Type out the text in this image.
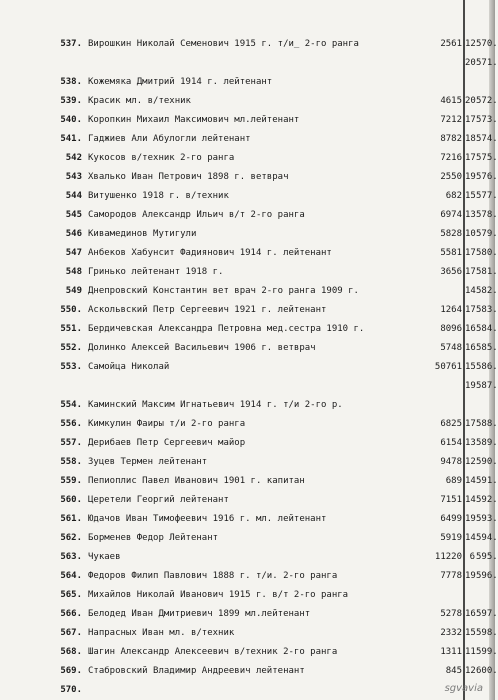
537. Вирошкин Николай Семенович 1915 г. т/и_ 2-го ранга	2561 12 570.
20 571.
538. Кожемяка Дмитрий 1914 г. лейтенант
539. Красик мл. в/техник	4615 20 572.
540. Коропкин Михаил Максимович мл.лейтенант	7212 17 573.
541. Гаджиев Али Абулогли лейтенант	8782 18 574.
542 Кукосов в/техник 2-го ранга	7216 17 575.
543 Хвалько Иван Петрович 1898 г. ветврач	2550 19 576.
544 Витушенко 1918 г. в/техник	682 15 577.
545 Самородов Александр Ильич в/т 2-го ранга	6974 13 578.
546 Кивамединов Мутигули	5828 10 579.
547 Анбеков Хабунсит Фадиянович 1914 г. лейтенант	5581 17 580.
548 Гринько лейтенант 1918 г.	3656 17 581.
549 Днепровский Константин вет врач 2-го ранга 1909 г.	14 582.
550. Аскольвский Петр Сергеевич 1921 г. лейтенант	1264 17 583.
551. Бердичевская Александра Петровна мед.сестра 1910 г.	8096 16 584.
552. Долинко Алексей Васильевич 1906 г. ветврач	5748 16 585.
553. Самойца Николай	50761 15 586.
19 587.
554. Каминский Максим Игнатьевич 1914 г. т/и 2-го р.
556. Кимкулин Фаиры т/и 2-го ранга	6825 17 588.
557. Дерибаев Петр Сергеевич майор	6154 13 589.
558. Зуцев Термен лейтенант	9478 12 590.
559. Пепиоплис Павел Иванович 1901 г. капитан	689 14 591.
560. Церетели Георгий лейтенант	7151 14 592.
561. Юдачов Иван Тимофеевич 1916 г. мл. лейтенант	6499 19 593.
562. Борменев Федор Лейтенант	5919 14 594.
563. Чукаев	11220 6 595.
564. Федоров Филип Павлович 1888 г. т/и. 2-го ранга	7778 19 596.
565. Михайлов Николай Иванович 1915 г. в/т 2-го ранга
566. Белодед Иван Дмитриевич 1899 мл.лейтенант	5278 16 597.
567. Напрасных Иван мл. в/техник	2332 15 598.
568. Шагин Александр Алексеевич в/техник 2-го ранга	1311 11 599.
569. Стабровский Владимир Андреевич лейтенант	845 12 600.
570.	sgvavia
